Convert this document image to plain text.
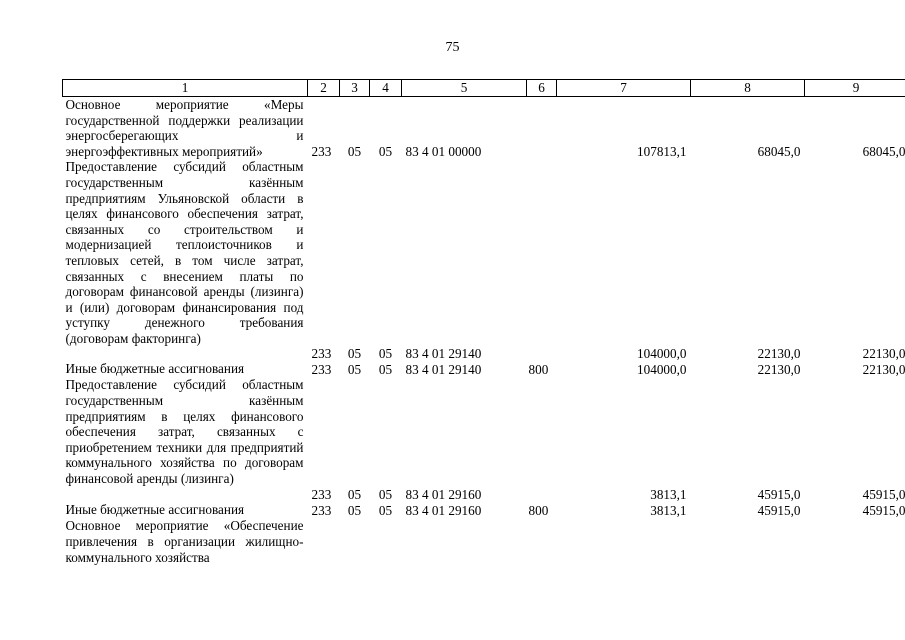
75
1	2	3	4	5	6	7	8	9
Основное мероприятие «Меры государственной поддержки реализации энергосберегающих и энергоэффективных мероприятий»	233	05	05	83 4 01 00000		107813,1	68045,0	68045,0
Предоставление субсидий областным государственным казённым предприятиям Ульяновской области в целях финансового обеспечения затрат, связанных со строительством и модернизацией теплоисточников и тепловых сетей, в том числе затрат, связанных с внесением платы по договорам финансовой аренды (лизинга) и (или) договорам финансирования под уступку денежного требования (договорам факторинга)	233	05	05	83 4 01 29140		104000,0	22130,0	22130,0
Иные бюджетные ассигнования	233	05	05	83 4 01 29140	800	104000,0	22130,0	22130,0
Предоставление субсидий областным государственным казённым предприятиям в целях финансового обеспечения затрат, связанных с приобретением техники для предприятий коммунального хозяйства по договорам финансовой аренды (лизинга)	233	05	05	83 4 01 29160		3813,1	45915,0	45915,0
Иные бюджетные ассигнования	233	05	05	83 4 01 29160	800	3813,1	45915,0	45915,0
Основное мероприятие «Обеспечение привлечения в организации жилищно-коммунального хозяйства								
